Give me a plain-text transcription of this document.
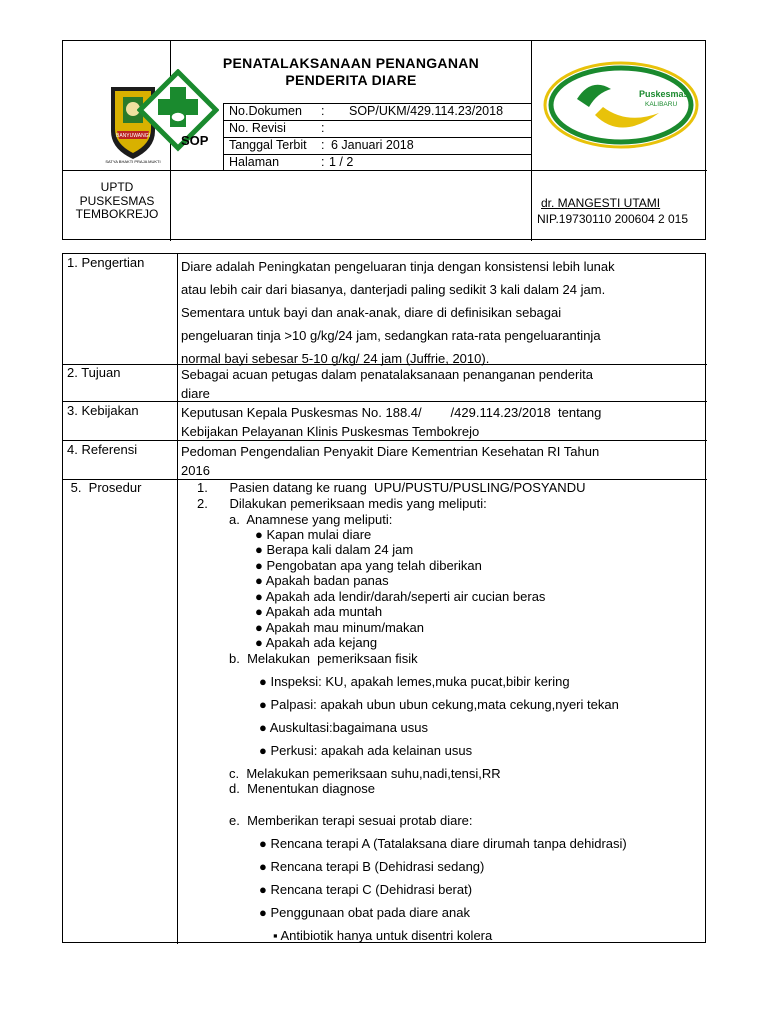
BANYUWANGI
SATYA BHAKTI PRAJA MUKTI
SOP
PENATALAKSANAAN PENANGANAN
PENDERITA DIARE
No.Dokumen : SOP/UKM/429.114.23/2018
No. Revisi	:
Tanggal Terbit : 6 Januari 2018
Halaman	: 1 / 2
Puskesmas
KALIBARU
UPTD
PUSKESMAS
TEMBOKREJO
dr. MANGESTI UTAMI
NIP.19730110 200604 2 015
1. Pengertian	Diare adalah Peningkatan pengeluaran tinja dengan konsistensi lebih lunak
atau lebih cair dari biasanya, danterjadi paling sedikit 3 kali dalam 24 jam.
Sementara untuk bayi dan anak-anak, diare di definisikan sebagai
pengeluaran tinja >10 g/kg/24 jam, sedangkan rata-rata pengeluarantinja
normal bayi sebesar 5-10 g/kg/ 24 jam (Juffrie, 2010).
2. Tujuan	Sebagai acuan petugas dalam penatalaksanaan penanganan penderita
diare
3. Kebijakan	Keputusan Kepala Puskesmas No. 188.4/        /429.114.23/2018  tentang
Kebijakan Pelayanan Klinis Puskesmas Tembokrejo
4. Referensi	Pedoman Pengendalian Penyakit Diare Kementrian Kesehatan RI Tahun
2016
5.  Prosedur	1.      Pasien datang ke ruang  UPU/PUSTU/PUSLING/POSYANDU
2.      Dilakukan pemeriksaan medis yang meliputi:
a.  Anamnese yang meliputi:
● Kapan mulai diare
● Berapa kali dalam 24 jam
● Pengobatan apa yang telah diberikan
● Apakah badan panas
● Apakah ada lendir/darah/seperti air cucian beras
● Apakah ada muntah
● Apakah mau minum/makan
● Apakah ada kejang
b.  Melakukan  pemeriksaan fisik
● Inspeksi: KU, apakah lemes,muka pucat,bibir kering
● Palpasi: apakah ubun ubun cekung,mata cekung,nyeri tekan
● Auskultasi:bagaimana usus
● Perkusi: apakah ada kelainan usus
c.  Melakukan pemeriksaan suhu,nadi,tensi,RR
d.  Menentukan diagnose
e.  Memberikan terapi sesuai protab diare:
● Rencana terapi A (Tatalaksana diare dirumah tanpa dehidrasi)
● Rencana terapi B (Dehidrasi sedang)
● Rencana terapi C (Dehidrasi berat)
● Penggunaan obat pada diare anak
▪ Antibiotik hanya untuk disentri kolera
